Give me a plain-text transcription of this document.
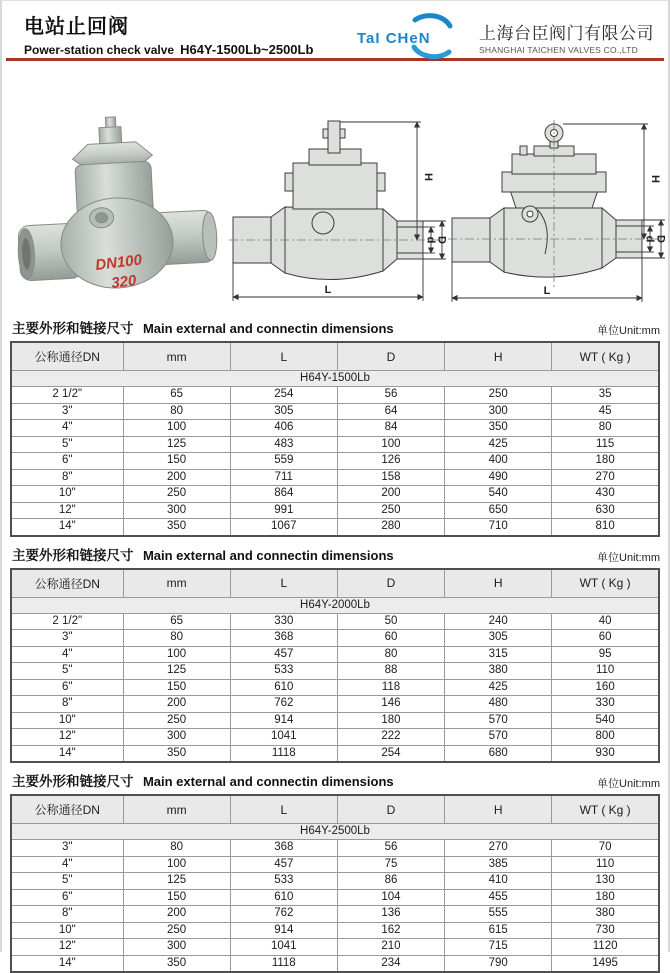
电站止回阀
Power-station check valve H64Y-1500Lb~2500Lb
TaI CHeN	上海台臣阀门有限公司
SHANGHAI TAICHEN VALVES CO.,LTD
DN100
320
H
d D
L
H
d D
L
主要外形和链接尺寸 Main external and connectin dimensions	单位Unit:mm
公称通径DN	mm	L	D	H	WT ( Kg )
H64Y-1500Lb					
2 1/2"	65	254	56	250	35
3"	80	305	64	300	45
4"	100	406	84	350	80
5"	125	483	100	425	115
6"	150	559	126	400	180
8"	200	711	158	490	270
10"	250	864	200	540	430
12"	300	991	250	650	630
14"	350	1067	280	710	810
主要外形和链接尺寸 Main external and connectin dimensions	单位Unit:mm
公称通径DN	mm	L	D	H	WT ( Kg )
H64Y-2000Lb					
2 1/2"	65	330	50	240	40
3"	80	368	60	305	60
4"	100	457	80	315	95
5"	125	533	88	380	110
6"	150	610	118	425	160
8"	200	762	146	480	330
10"	250	914	180	570	540
12"	300	1041	222	570	800
14"	350	1118	254	680	930
主要外形和链接尺寸 Main external and connectin dimensions	单位Unit:mm
公称通径DN	mm	L	D	H	WT ( Kg )
H64Y-2500Lb					
3"	80	368	56	270	70
4"	100	457	75	385	110
5"	125	533	86	410	130
6"	150	610	104	455	180
8"	200	762	136	555	380
10"	250	914	162	615	730
12"	300	1041	210	715	1120
14"	350	1118	234	790	1495
